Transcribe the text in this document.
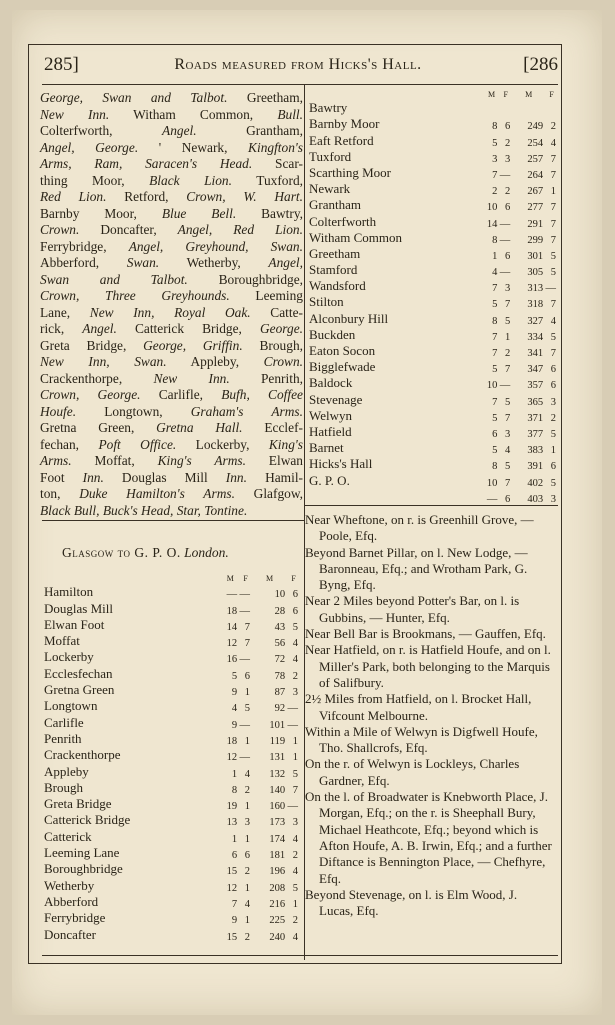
285]	Roads measured from Hicks's Hall.	[286
George, Swan and Talbot. Greetham,
New Inn. Witham Common, Bull.
Colterfworth, Angel. Grantham,
Angel, George. ' Newark, Kingfton's
Arms, Ram, Saracen's Head. Scar-
thing Moor, Black Lion. Tuxford,
Red Lion. Retford, Crown, W. Hart.
Barnby Moor, Blue Bell. Bawtry,
Crown. Doncafter, Angel, Red Lion.
Ferrybridge, Angel, Greyhound, Swan.
Abberford, Swan. Wetherby, Angel,
Swan and Talbot. Boroughbridge,
Crown, Three Greyhounds. Leeming
Lane, New Inn, Royal Oak. Catte-
rick, Angel. Catterick Bridge, George.
Greta Bridge, George, Griffin. Brough,
New Inn, Swan. Appleby, Crown.
Crackenthorpe, New Inn. Penrith,
Crown, George. Carlifle, Bufh, Coffee
Houfe. Longtown, Graham's Arms.
Gretna Green, Gretna Hall. Ecclef-
fechan, Poft Office. Lockerby, King's
Arms. Moffat, King's Arms. Elwan
Foot Inn. Douglas Mill Inn. Hamil-
ton, Duke Hamilton's Arms. Glafgow,
Black Bull, Buck's Head, Star, Tontine.
	M	F	M	F
Bawtry				
Barnby Moor	8	6	249	2
Eaft Retford	5	2	254	4
Tuxford	3	3	257	7
Scarthing Moor	7	—	264	7
Newark	2	2	267	1
Grantham	10	6	277	7
Colterfworth	14	—	291	7
Witham Common	8	—	299	7
Greetham	1	6	301	5
Stamford	4	—	305	5
Wandsford	7	3	313	—
Stilton	5	7	318	7
Alconbury Hill	8	5	327	4
Buckden	7	1	334	5
Eaton Socon	7	2	341	7
Bigglefwade	5	7	347	6
Baldock	10	—	357	6
Stevenage	7	5	365	3
Welwyn	5	7	371	2
Hatfield	6	3	377	5
Barnet	5	4	383	1
Hicks's Hall	8	5	391	6
G. P. O.	10	7	402	5
	—	6	403	3
Glasgow to G. P. O. London.
	M	F	M	F
Hamilton	—	—	10	6
Douglas Mill	18	—	28	6
Elwan Foot	14	7	43	5
Moffat	12	7	56	4
Lockerby	16	—	72	4
Ecclesfechan	5	6	78	2
Gretna Green	9	1	87	3
Longtown	4	5	92	—
Carlifle	9	—	101	—
Penrith	18	1	119	1
Crackenthorpe	12	—	131	1
Appleby	1	4	132	5
Brough	8	2	140	7
Greta Bridge	19	1	160	—
Catterick Bridge	13	3	173	3
Catterick	1	1	174	4
Leeming Lane	6	6	181	2
Boroughbridge	15	2	196	4
Wetherby	12	1	208	5
Abberford	7	4	216	1
Ferrybridge	9	1	225	2
Doncafter	15	2	240	4

Near Wheftone, on r. is Greenhill Grove, — Poole, Efq.

Beyond Barnet Pillar, on l. New Lodge, — Baronneau, Efq.; and Wrotham Park, G. Byng, Efq.

Near 2 Miles beyond Potter's Bar, on l. is Gubbins, — Hunter, Efq.

Near Bell Bar is Brookmans, — Gauffen, Efq.

Near Hatfield, on r. is Hatfield Houfe, and on l. Miller's Park, both belonging to the Marquis of Salifbury.

2½ Miles from Hatfield, on l. Brocket Hall, Vifcount Melbourne.

Within a Mile of Welwyn is Digfwell Houfe, Tho. Shallcrofs, Efq.

On the r. of Welwyn is Lockleys, Charles Gardner, Efq.

On the l. of Broadwater is Knebworth Place, J. Morgan, Efq.; on the r. is Sheephall Bury, Michael Heathcote, Efq.; beyond which is Afton Houfe, A. B. Irwin, Efq.; and a further Diftance is Bennington Place, — Chefhyre, Efq.

Beyond Stevenage, on l. is Elm Wood, J. Lucas, Efq.
